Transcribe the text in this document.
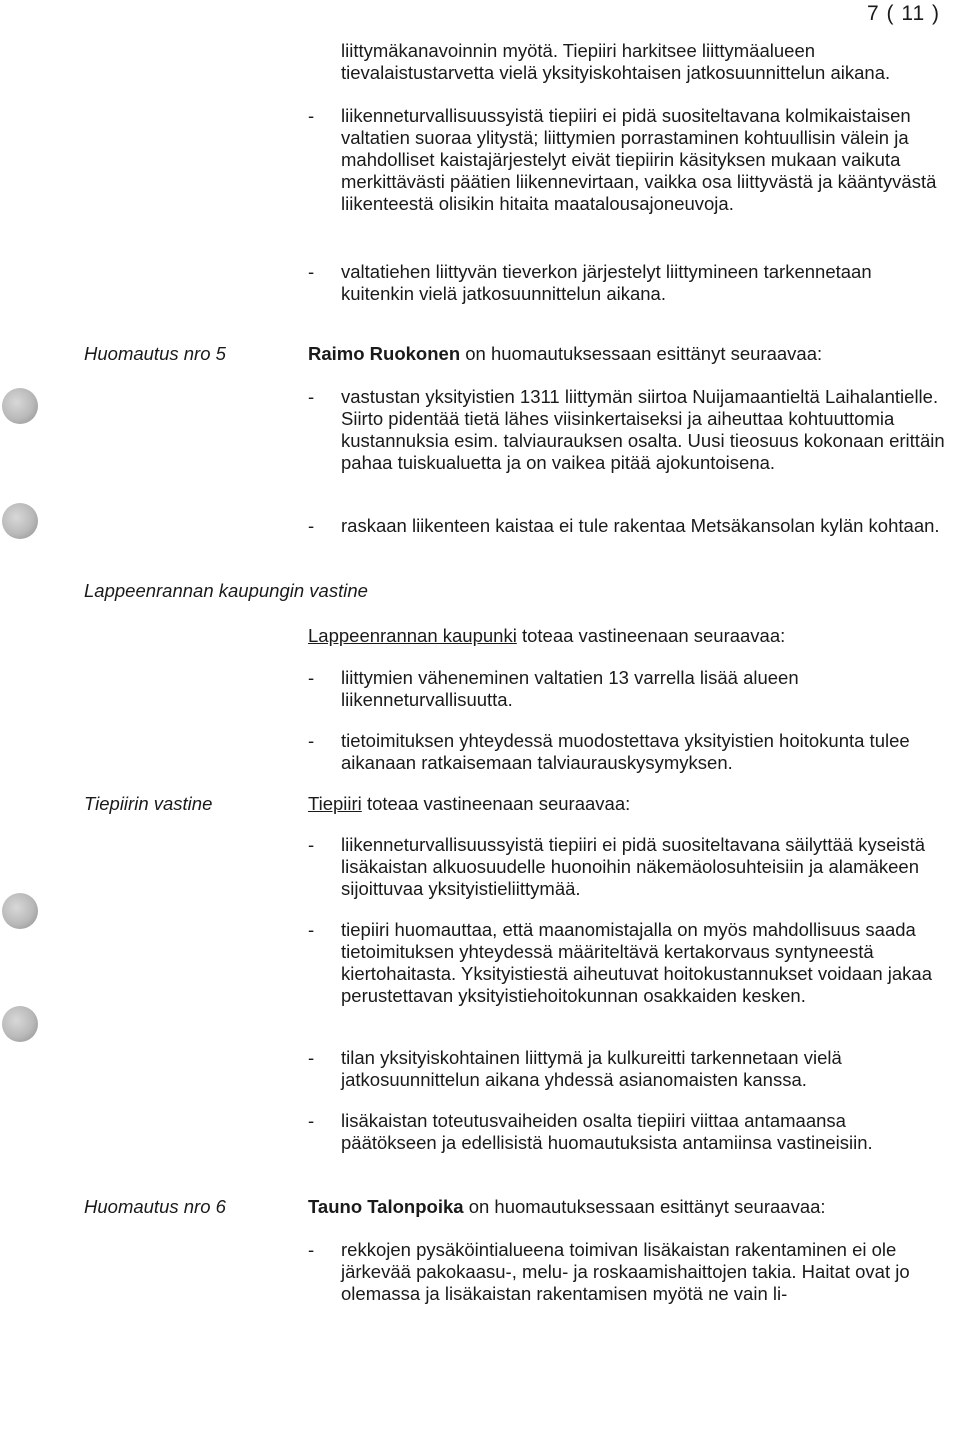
7 ( 11 )
liittymäkanavoinnin myötä. Tiepiiri harkitsee liittymäalueen tievalaistustarvetta vielä yksityiskohtaisen jatkosuunnittelun aikana.
- liikenneturvallisuussyistä tiepiiri ei pidä suositeltavana kolmikaistaisen valtatien suoraa ylitystä; liittymien porrastaminen kohtuullisin välein ja mahdolliset kaistajärjestelyt eivät tiepiirin käsityksen mukaan vaikuta merkittävästi päätien liikennevirtaan, vaikka osa liittyvästä ja kääntyvästä liikenteestä olisikin hitaita maatalousajoneuvoja.
- valtatiehen liittyvän tieverkon järjestelyt liittymineen tarkennetaan kuitenkin vielä jatkosuunnittelun aikana.
Huomautus nro 5	Raimo Ruokonen on huomautuksessaan esittänyt seuraavaa:
- vastustan yksityistien 1311 liittymän siirtoa Nuijamaantieltä Laihalantielle. Siirto pidentää tietä lähes viisinkertaiseksi ja aiheuttaa kohtuuttomia kustannuksia esim. talviaurauksen osalta. Uusi tieosuus kokonaan erittäin pahaa tuiskualuetta ja on vaikea pitää ajokuntoisena.
- raskaan liikenteen kaistaa ei tule rakentaa Metsäkansolan kylän kohtaan.
Lappeenrannan kaupungin vastine
Lappeenrannan kaupunki toteaa vastineenaan seuraavaa:
- liittymien väheneminen valtatien 13 varrella lisää alueen liikenneturvallisuutta.
- tietoimituksen yhteydessä muodostettava yksityistien hoitokunta tulee aikanaan ratkaisemaan talviaurauskysymyksen.
Tiepiirin vastine	Tiepiiri toteaa vastineenaan seuraavaa:
- liikenneturvallisuussyistä tiepiiri ei pidä suositeltavana säilyttää kyseistä lisäkaistan alkuosuudelle huonoihin näkemäolosuhteisiin ja alamäkeen sijoittuvaa yksityistieliittymää.
- tiepiiri huomauttaa, että maanomistajalla on myös mahdollisuus saada tietoimituksen yhteydessä määriteltävä kertakorvaus syntyneestä kiertohaitasta. Yksityistiestä aiheutuvat hoitokustannukset voidaan jakaa perustettavan yksityistiehoitokunnan osakkaiden kesken.
- tilan yksityiskohtainen liittymä ja kulkureitti tarkennetaan vielä jatkosuunnittelun aikana yhdessä asianomaisten kanssa.
- lisäkaistan toteutusvaiheiden osalta tiepiiri viittaa antamaansa päätökseen ja edellisistä huomautuksista antamiinsa vastineisiin.
Huomautus nro 6	Tauno Talonpoika on huomautuksessaan esittänyt seuraavaa:
- rekkojen pysäköintialueena toimivan lisäkaistan rakentaminen ei ole järkevää pakokaasu-, melu- ja roskaamishaittojen takia. Haitat ovat jo olemassa ja lisäkaistan rakentamisen myötä ne vain li-
